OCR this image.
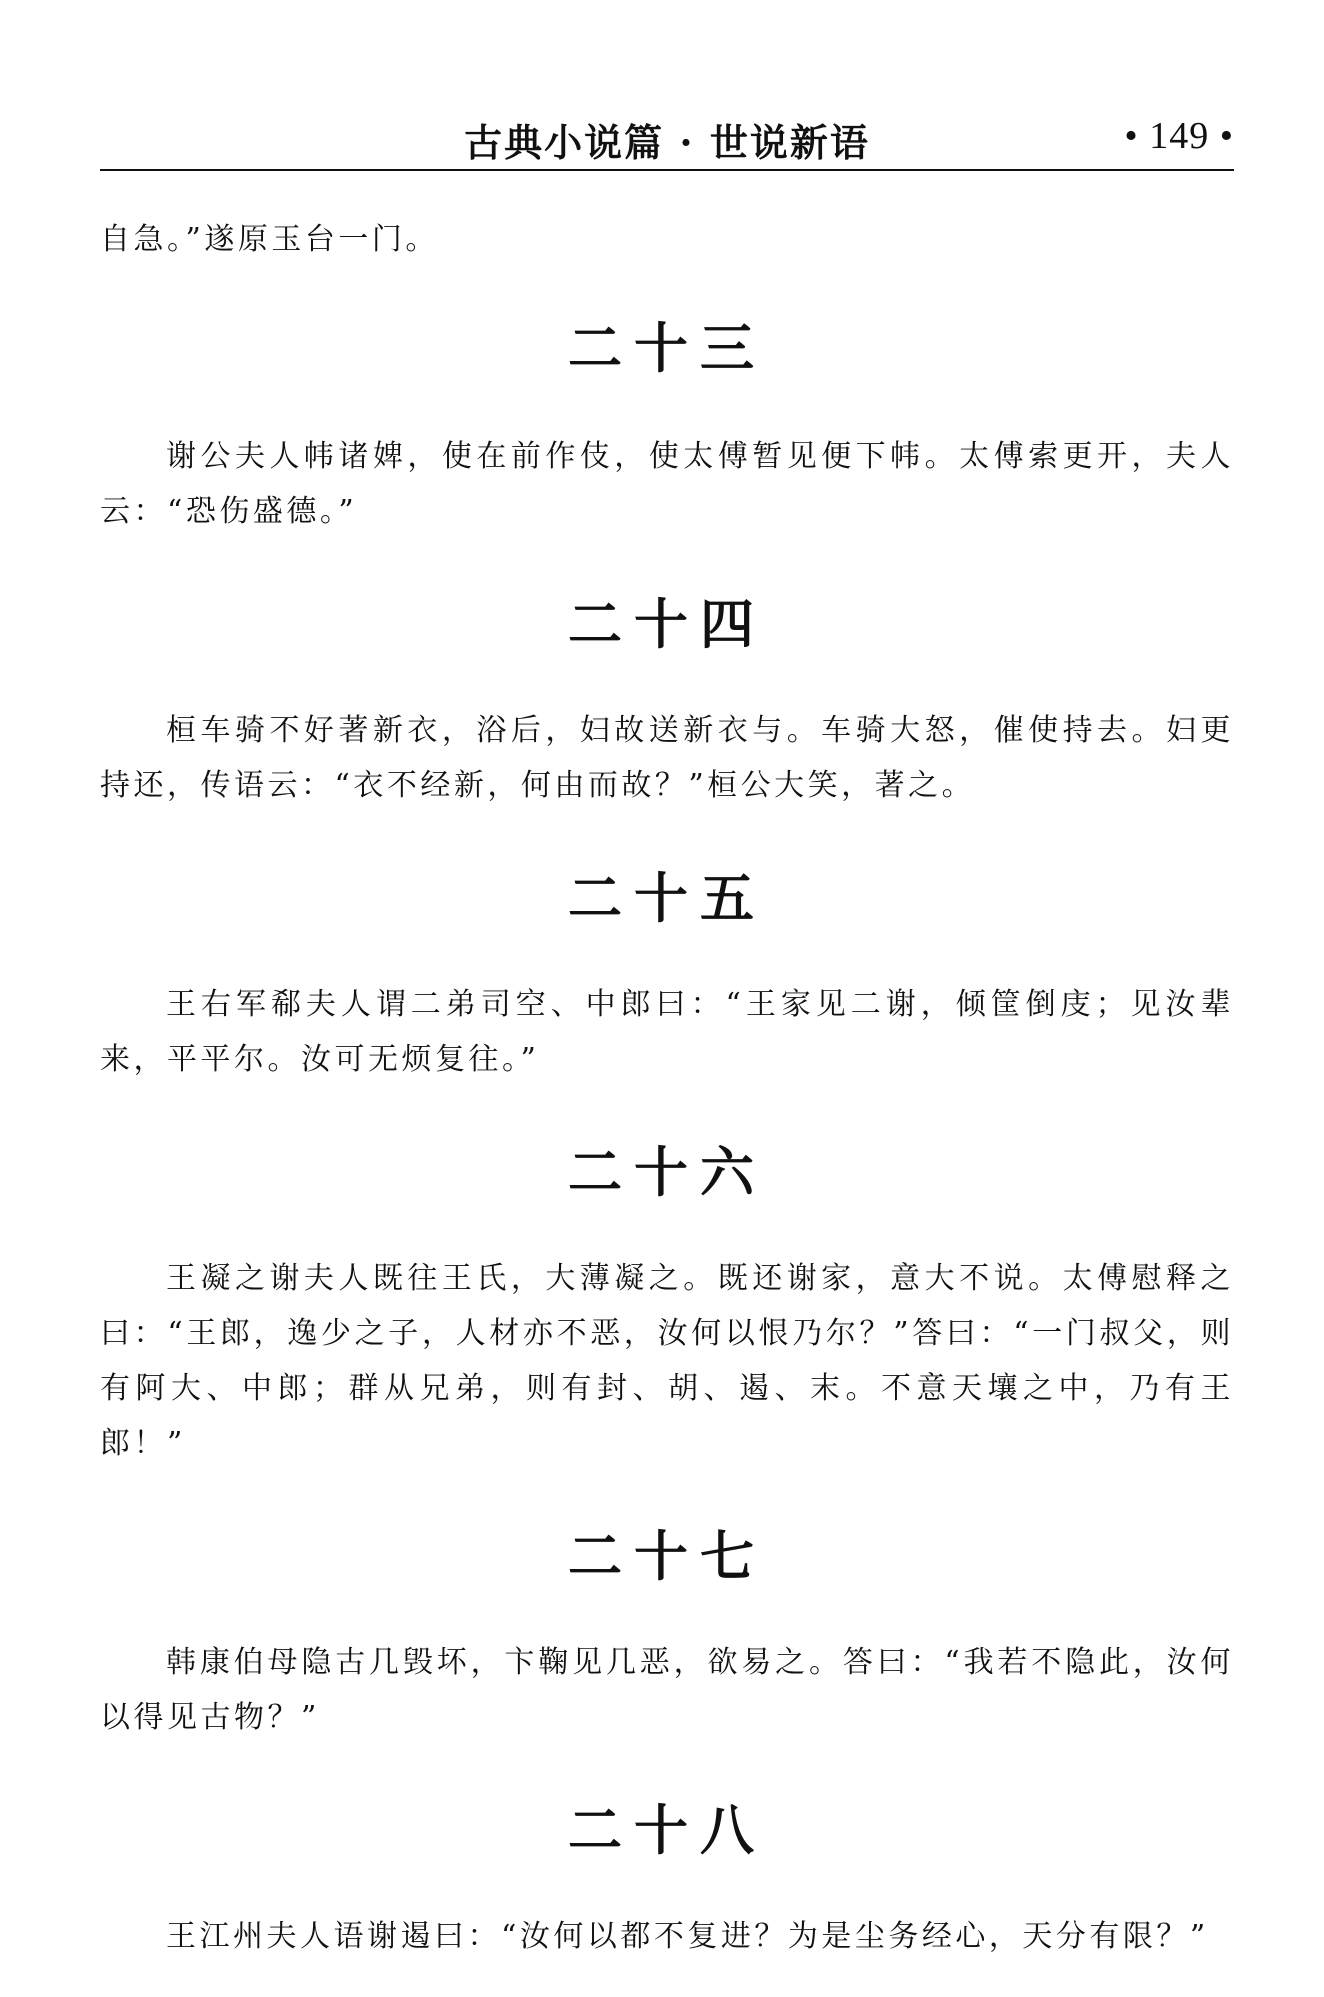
古典小说篇 · 世说新语	• 149 •

自急。”遂原玉台一门。

二十三

谢公夫人帏诸婢，使在前作伎，使太傅暂见便下帏。太傅索更开，夫人云：“恐伤盛德。”

二十四

桓车骑不好著新衣，浴后，妇故送新衣与。车骑大怒，催使持去。妇更持还，传语云：“衣不经新，何由而故？”桓公大笑，著之。

二十五

王右军郗夫人谓二弟司空、中郎曰：“王家见二谢，倾筐倒庋；见汝辈来，平平尔。汝可无烦复往。”

二十六

王凝之谢夫人既往王氏，大薄凝之。既还谢家，意大不说。太傅慰释之曰：“王郎，逸少之子，人材亦不恶，汝何以恨乃尔？”答曰：“一门叔父，则有阿大、中郎；群从兄弟，则有封、胡、遏、末。不意天壤之中，乃有王郎！”

二十七

韩康伯母隐古几毁坏，卞鞠见几恶，欲易之。答曰：“我若不隐此，汝何以得见古物？”

二十八

王江州夫人语谢遏曰：“汝何以都不复进？为是尘务经心，天分有限？”
